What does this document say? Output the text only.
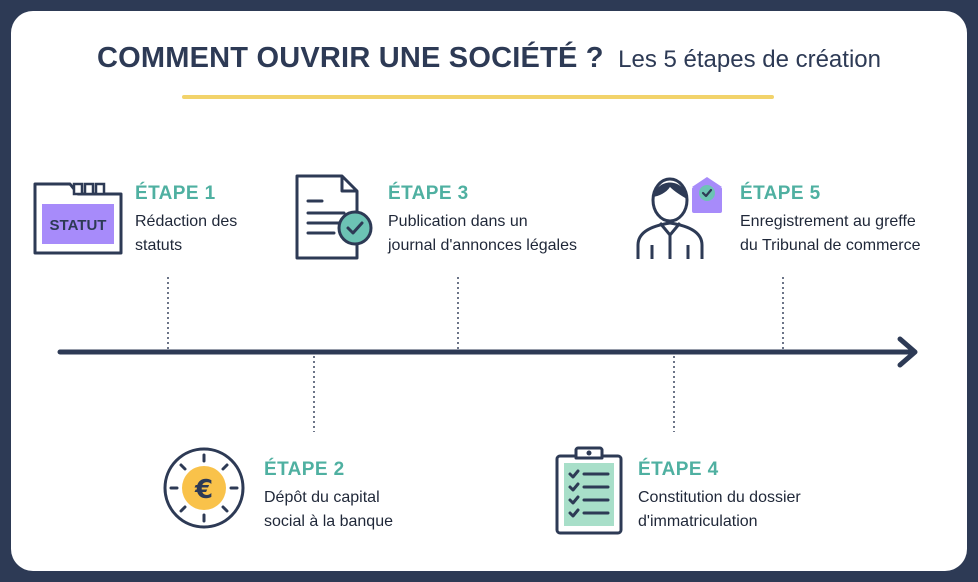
COMMENT OUVRIR UNE SOCIÉTÉ ? Les 5 étapes de création
STATUT
€
ÉTAPE 1
Rédaction des
statuts
ÉTAPE 3
Publication dans un
journal d'annonces légales
ÉTAPE 5
Enregistrement au greffe
du Tribunal de commerce
ÉTAPE 2
Dépôt du capital
social à la banque
ÉTAPE 4
Constitution du dossier
d'immatriculation
